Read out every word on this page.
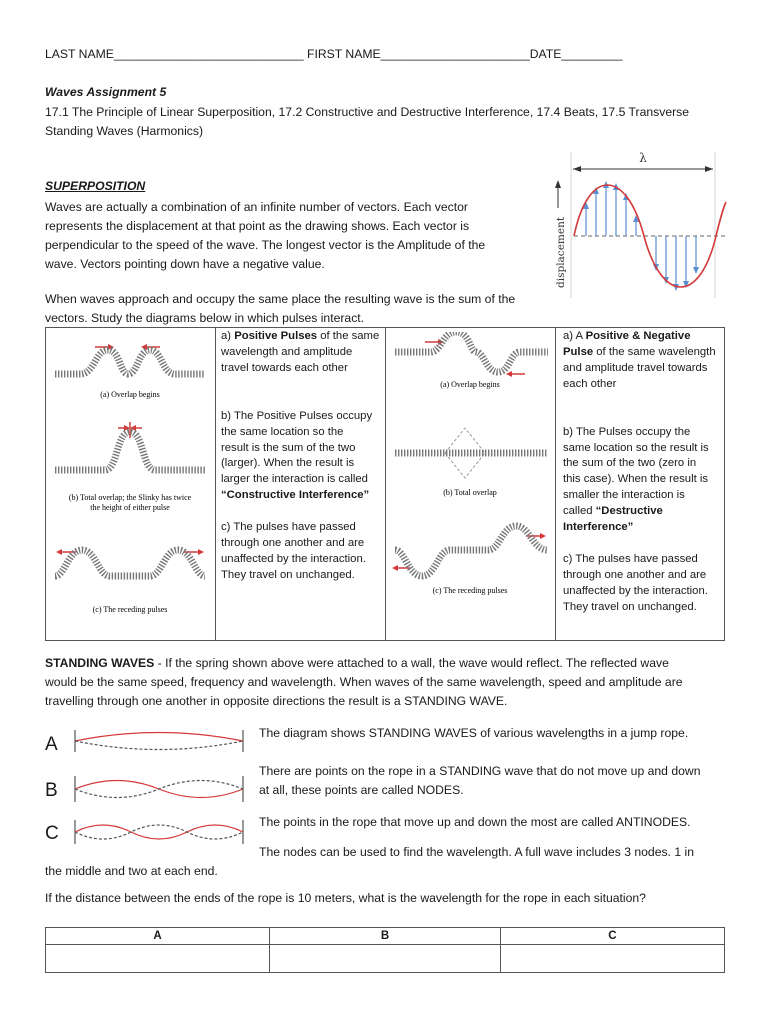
LAST NAME____________________________ FIRST NAME______________________DATE_________
Waves Assignment 5
17.1 The Principle of Linear Superposition, 17.2 Constructive and Destructive Interference, 17.4 Beats, 17.5 Transverse
Standing Waves (Harmonics)
SUPERPOSITION
Waves are actually a combination of an infinite number of vectors. Each vector
represents the displacement at that point as the drawing shows. Each vector is
perpendicular to the speed of the wave. The longest vector is the Amplitude of the
wave. Vectors pointing down have a negative value.
λ
displacement
When waves approach and occupy the same place the resulting wave is the sum of the
vectors. Study the diagrams below in which pulses interact.
(a) Overlap begins
(b) Total overlap; the Slinky has twice
the height of either pulse
(c) The receding pulses
a) Positive Pulses of the same
wavelength and amplitude
travel towards each other
b) The Positive Pulses occupy
the same location so the
result is the sum of the two
(larger). When the result is
larger the interaction is called
“Constructive Interference”
c) The pulses have passed
through one another and are
unaffected by the interaction.
They travel on unchanged.
(a) Overlap begins
(b) Total overlap
(c) The receding pulses
a) A Positive & Negative
Pulse of the same wavelength
and amplitude travel towards
each other
b) The Pulses occupy the
same location so the result is
the sum of the two (zero in
this case). When the result is
smaller the interaction is
called “Destructive
Interference”
c) The pulses have passed
through one another and are
unaffected by the interaction.
They travel on unchanged.
STANDING WAVES - If the spring shown above were attached to a wall, the wave would reflect. The reflected wave
would be the same speed, frequency and wavelength. When waves of the same wavelength, speed and amplitude are
travelling through one another in opposite directions the result is a STANDING WAVE.
A
B
C
The diagram shows STANDING WAVES of various wavelengths in a jump rope.
There are points on the rope in a STANDING wave that do not move up and down
at all, these points are called NODES.
The points in the rope that move up and down the most are called ANTINODES.
The nodes can be used to find the wavelength. A full wave includes 3 nodes. 1 in
the middle and two at each end.
If the distance between the ends of the rope is 10 meters, what is the wavelength for the rope in each situation?
A	B	C
